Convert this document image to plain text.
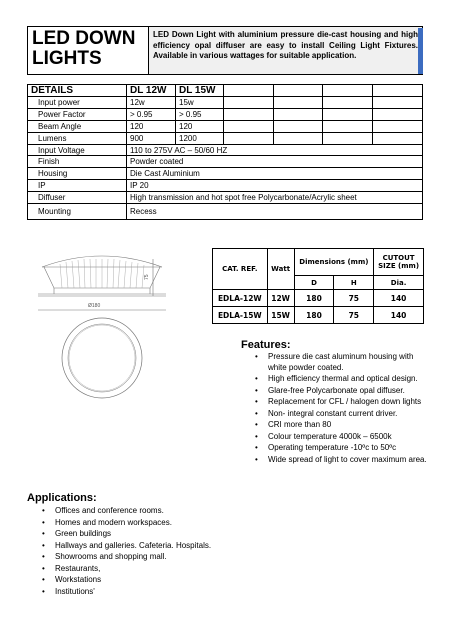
LED DOWN
LIGHTS
LED Down Light with aluminium pressure die-cast housing and high efficiency opal diffuser are easy to install Ceiling Light Fixtures. Available in various wattages for suitable application.
DETAILS	DL 12W	DL 15W				
Input power	12w	15w				
Power Factor	> 0.95	> 0.95				
Beam Angle	120	120				
Lumens	900	1200				
Input Voltage	110 to 275V AC – 50/60 HZ					
Finish	Powder coated					
Housing	Die Cast Aluminium					
IP	IP 20					
Diffuser	High transmission and hot spot free Polycarbonate/Acrylic sheet					
Mounting	Recess					
75
Ø180
CAT. REF.	Watt	Dimensions (mm)		CUTOUT SIZE (mm)
		D	H	Dia.
EDLA-12W	12W	180	75	140
EDLA-15W	15W	180	75	140
Features:
• Pressure die cast aluminum housing with white powder coated.
• High efficiency thermal and optical design.
• Glare-free Polycarbonate opal diffuser.
• Replacement for CFL / halogen down lights
• Non- integral constant current driver.
• CRI more than 80
• Colour temperature 4000k – 6500k
• Operating temperature -10ºc to 50ºc
• Wide spread of light to cover maximum area.
Applications:
• Offices and conference rooms.
• Homes and modern workspaces.
• Green buildings
• Hallways and galleries. Cafeteria. Hospitals.
• Showrooms and shopping mall.
• Restaurants,
• Workstations
• Institutions'
